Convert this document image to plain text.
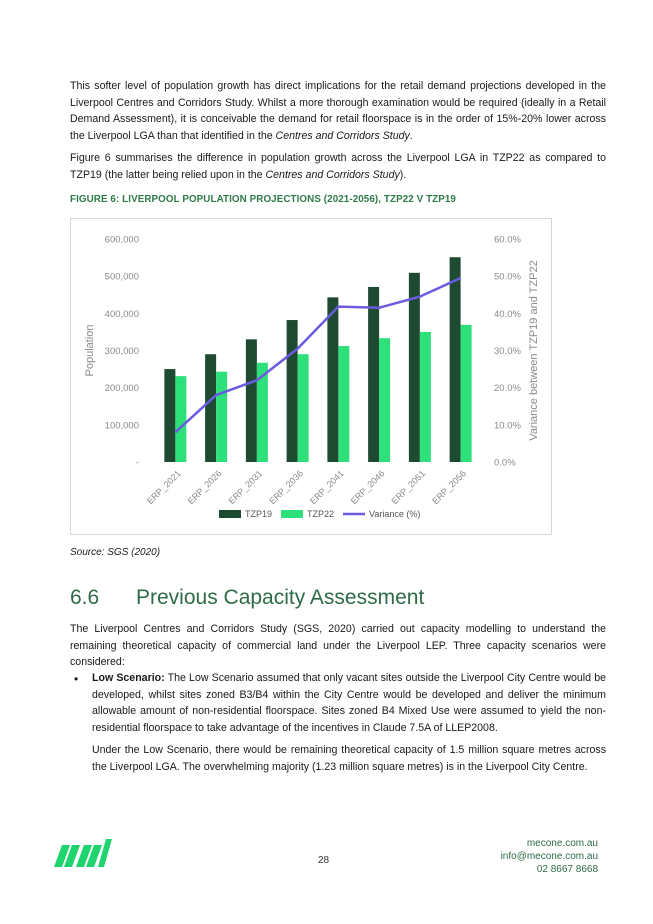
This softer level of population growth has direct implications for the retail demand projections developed in the Liverpool Centres and Corridors Study. Whilst a more thorough examination would be required (ideally in a Retail Demand Assessment), it is conceivable the demand for retail floorspace is in the order of 15%-20% lower across the Liverpool LGA than that identified in the Centres and Corridors Study.

Figure 6 summarises the difference in population growth across the Liverpool LGA in TZP22 as compared to TZP19 (the latter being relied upon in the Centres and Corridors Study).

FIGURE 6: LIVERPOOL POPULATION PROJECTIONS (2021-2056), TZP22 V TZP19
-
100,000
200,000
300,000
400,000
500,000
600,000
0.0%
10.0%
20.0%
30.0%
40.0%
50.0%
60.0%
Population	Variance between TZP19 and TZP22
ERP_2021 ERP_2026 ERP_2031 ERP_2036 ERP_2041 ERP_2046 ERP_2051 ERP_2056
TZP19	TZP22	Variance (%)
Source: SGS (2020)
6.6 Previous Capacity Assessment

The Liverpool Centres and Corridors Study (SGS, 2020) carried out capacity modelling to understand the remaining theoretical capacity of commercial land under the Liverpool LEP. Three capacity scenarios were considered:

• Low Scenario: The Low Scenario assumed that only vacant sites outside the Liverpool City Centre would be developed, whilst sites zoned B3/B4 within the City Centre would be developed and deliver the minimum allowable amount of non-residential floorspace. Sites zoned B4 Mixed Use were assumed to yield the non-residential floorspace to take advantage of the incentives in Claude 7.5A of LLEP2008.

Under the Low Scenario, there would be remaining theoretical capacity of 1.5 million square metres across the Liverpool LGA. The overwhelming majority (1.23 million square metres) is in the Liverpool City Centre.

28
mecone.com.au
info@mecone.com.au
02 8667 8668
